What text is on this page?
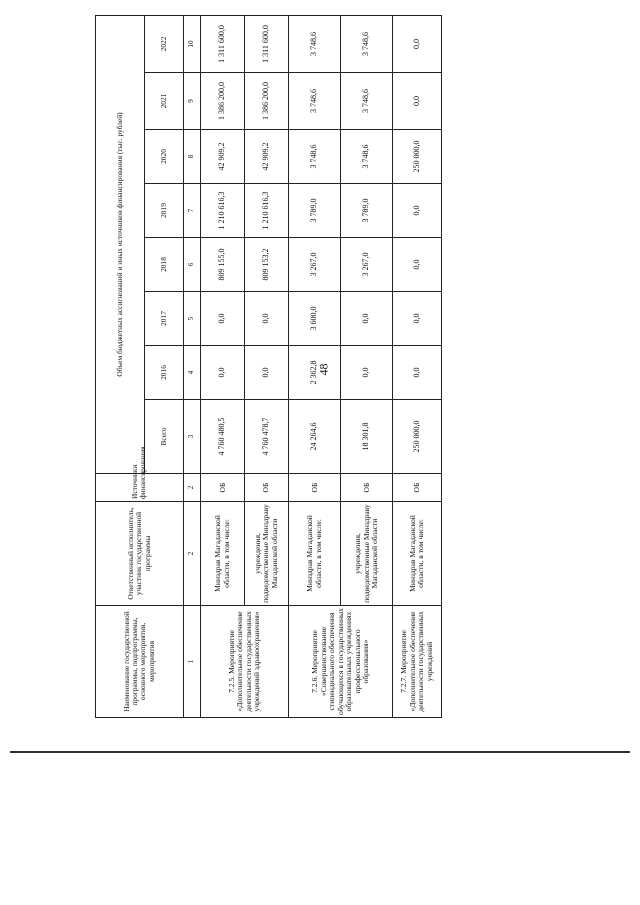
48
Наименование государственной программы, подпрограммы, основного мероприятия, мероприятия	Ответственный исполнитель, участник государственной программы	Источники финансирования	Объем бюджетных ассигнований и иных источников финансирования (тыс. рублей)							
			Всего	2016	2017	2018	2019	2020	2021	2022
1	2	2	3	4	5	6	7	8	9	10
7.2.5. Мероприятие «Дополнительное обеспечение деятельности государственных учреждений здравоохранения»	Минздрав Магаданской области, в том числе:	ОБ	4 760 480,5	0,0	0,0	809 155,0	1 210 616,3	42 909,2	1 386 200,0	1 311 600,0
	учреждения, подведомственные Минздраву Магаданской области	ОБ	4 760 478,7	0,0	0,0	809 153,2	1 210 616,3	42 909,2	1 386 200,0	1 311 600,0
7.2.6. Мероприятие «Совершенствование стипендиального обеспечения обучающихся в государственных образовательных учреждениях профессионального образования»	Минздрав Магаданской области, в том числе:	ОБ	24 264,6	2 362,8	3 600,0	3 267,0	3 789,0	3 748,6	3 748,6	3 748,6
	учреждения, подведомственные Минздраву Магаданской области	ОБ	18 301,8	0,0	0,0	3 267,0	3 789,0	3 748,6	3 748,6	3 748,6
7.2.7. Мероприятие «Дополнительное обеспечение деятельности государственных учреждений	Минздрав Магаданской области, в том числе:	ОБ	250 000,0	0,0	0,0	0,0	0,0	250 000,0	0,0	0,0
